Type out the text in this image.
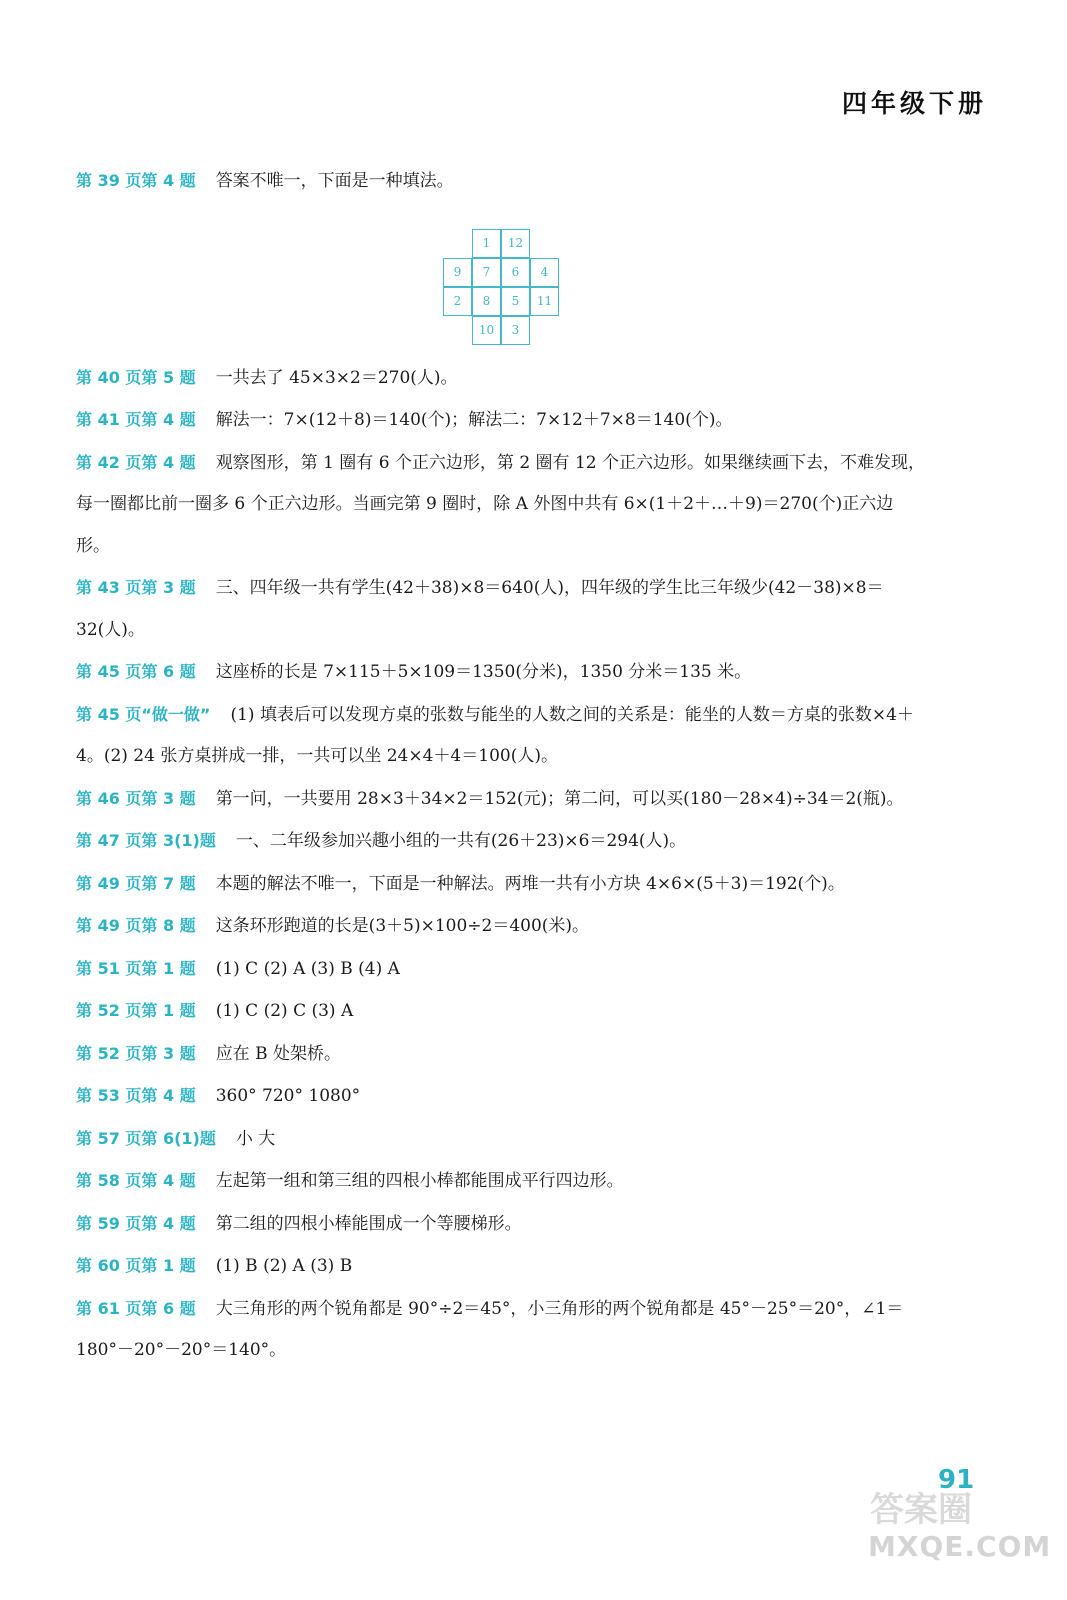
四年级下册
第 39 页第 4 题 答案不唯一，下面是一种填法。
1	12
9	7	6	4
2	8	5	11
10	3
第 40 页第 5 题 一共去了 45×3×2＝270(人)。
第 41 页第 4 题 解法一：7×(12＋8)＝140(个)；解法二：7×12＋7×8＝140(个)。
第 42 页第 4 题 观察图形，第 1 圈有 6 个正六边形，第 2 圈有 12 个正六边形。如果继续画下去，不难发现，每一圈都比前一圈多 6 个正六边形。当画完第 9 圈时，除 A 外图中共有 6×(1＋2＋…＋9)＝270(个)正六边形。
第 43 页第 3 题 三、四年级一共有学生(42＋38)×8＝640(人)，四年级的学生比三年级少(42－38)×8＝32(人)。
第 45 页第 6 题 这座桥的长是 7×115＋5×109＝1350(分米)，1350 分米＝135 米。
第 45 页“做一做” (1) 填表后可以发现方桌的张数与能坐的人数之间的关系是：能坐的人数＝方桌的张数×4＋4。(2) 24 张方桌拼成一排，一共可以坐 24×4＋4＝100(人)。
第 46 页第 3 题 第一问，一共要用 28×3＋34×2＝152(元)；第二问，可以买(180－28×4)÷34＝2(瓶)。
第 47 页第 3(1)题 一、二年级参加兴趣小组的一共有(26＋23)×6＝294(人)。
第 49 页第 7 题 本题的解法不唯一，下面是一种解法。两堆一共有小方块 4×6×(5＋3)＝192(个)。
第 49 页第 8 题 这条环形跑道的长是(3＋5)×100÷2＝400(米)。
第 51 页第 1 题 (1) C (2) A (3) B (4) A
第 52 页第 1 题 (1) C (2) C (3) A
第 52 页第 3 题 应在 B 处架桥。
第 53 页第 4 题 360° 720° 1080°
第 57 页第 6(1)题 小 大
第 58 页第 4 题 左起第一组和第三组的四根小棒都能围成平行四边形。
第 59 页第 4 题 第二组的四根小棒能围成一个等腰梯形。
第 60 页第 1 题 (1) B (2) A (3) B
第 61 页第 6 题 大三角形的两个锐角都是 90°÷2＝45°，小三角形的两个锐角都是 45°－25°＝20°，∠1＝180°－20°－20°＝140°。
91
答案圈
MXQE.COM
